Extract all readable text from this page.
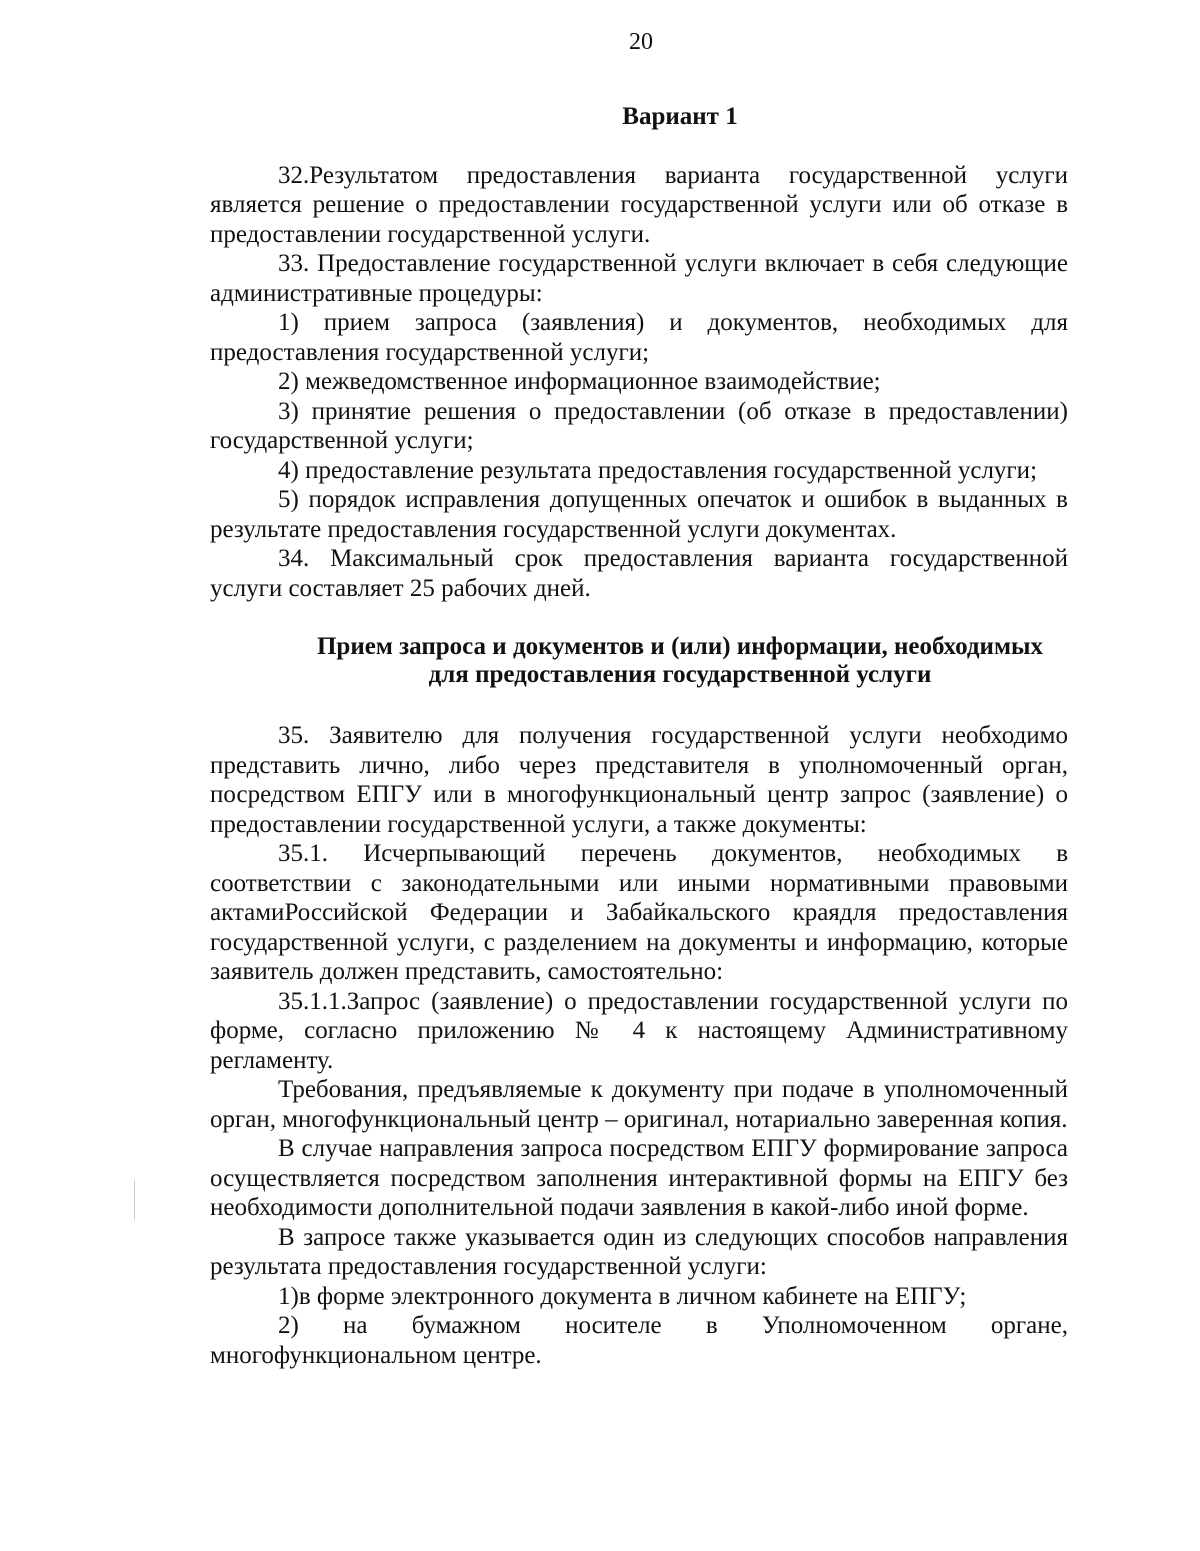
20
Вариант 1

32.Результатом предоставления варианта государственной услуги является решение о предоставлении государственной услуги или об отказе в предоставлении государственной услуги.

33. Предоставление государственной услуги включает в себя следующие административные процедуры:

1) прием запроса (заявления) и документов, необходимых для предоставления государственной услуги;

2) межведомственное информационное взаимодействие;

3) принятие решения о предоставлении (об отказе в предоставлении) государственной услуги;

4) предоставление результата предоставления государственной услуги;

5) порядок исправления допущенных опечаток и ошибок в выданных в результате предоставления государственной услуги документах.

34. Максимальный срок предоставления варианта государственной услуги составляет 25 рабочих дней.

Прием запроса и документов и (или) информации, необходимых
для предоставления государственной услуги

35. Заявителю для получения государственной услуги необходимо представить лично, либо через представителя в уполномоченный орган, посредством ЕПГУ или в многофункциональный центр запрос (заявление) о предоставлении государственной услуги, а также документы:

35.1. Исчерпывающий перечень документов, необходимых в соответствии с законодательными или иными нормативными правовыми актамиРоссийской Федерации и Забайкальского краядля предоставления государственной услуги, с разделением на документы и информацию, которые заявитель должен представить, самостоятельно:

35.1.1.Запрос (заявление) о предоставлении государственной услуги по форме, согласно приложению № 4 к настоящему Административному регламенту.

Требования, предъявляемые к документу при подаче в уполномоченный орган, многофункциональный центр – оригинал, нотариально заверенная копия.

В случае направления запроса посредством ЕПГУ формирование запроса осуществляется посредством заполнения интерактивной формы на ЕПГУ без необходимости дополнительной подачи заявления в какой-либо иной форме.

В запросе также указывается один из следующих способов направления результата предоставления государственной услуги:

1)в форме электронного документа в личном кабинете на ЕПГУ;

2) на бумажном носителе в Уполномоченном органе, многофункциональном центре.
